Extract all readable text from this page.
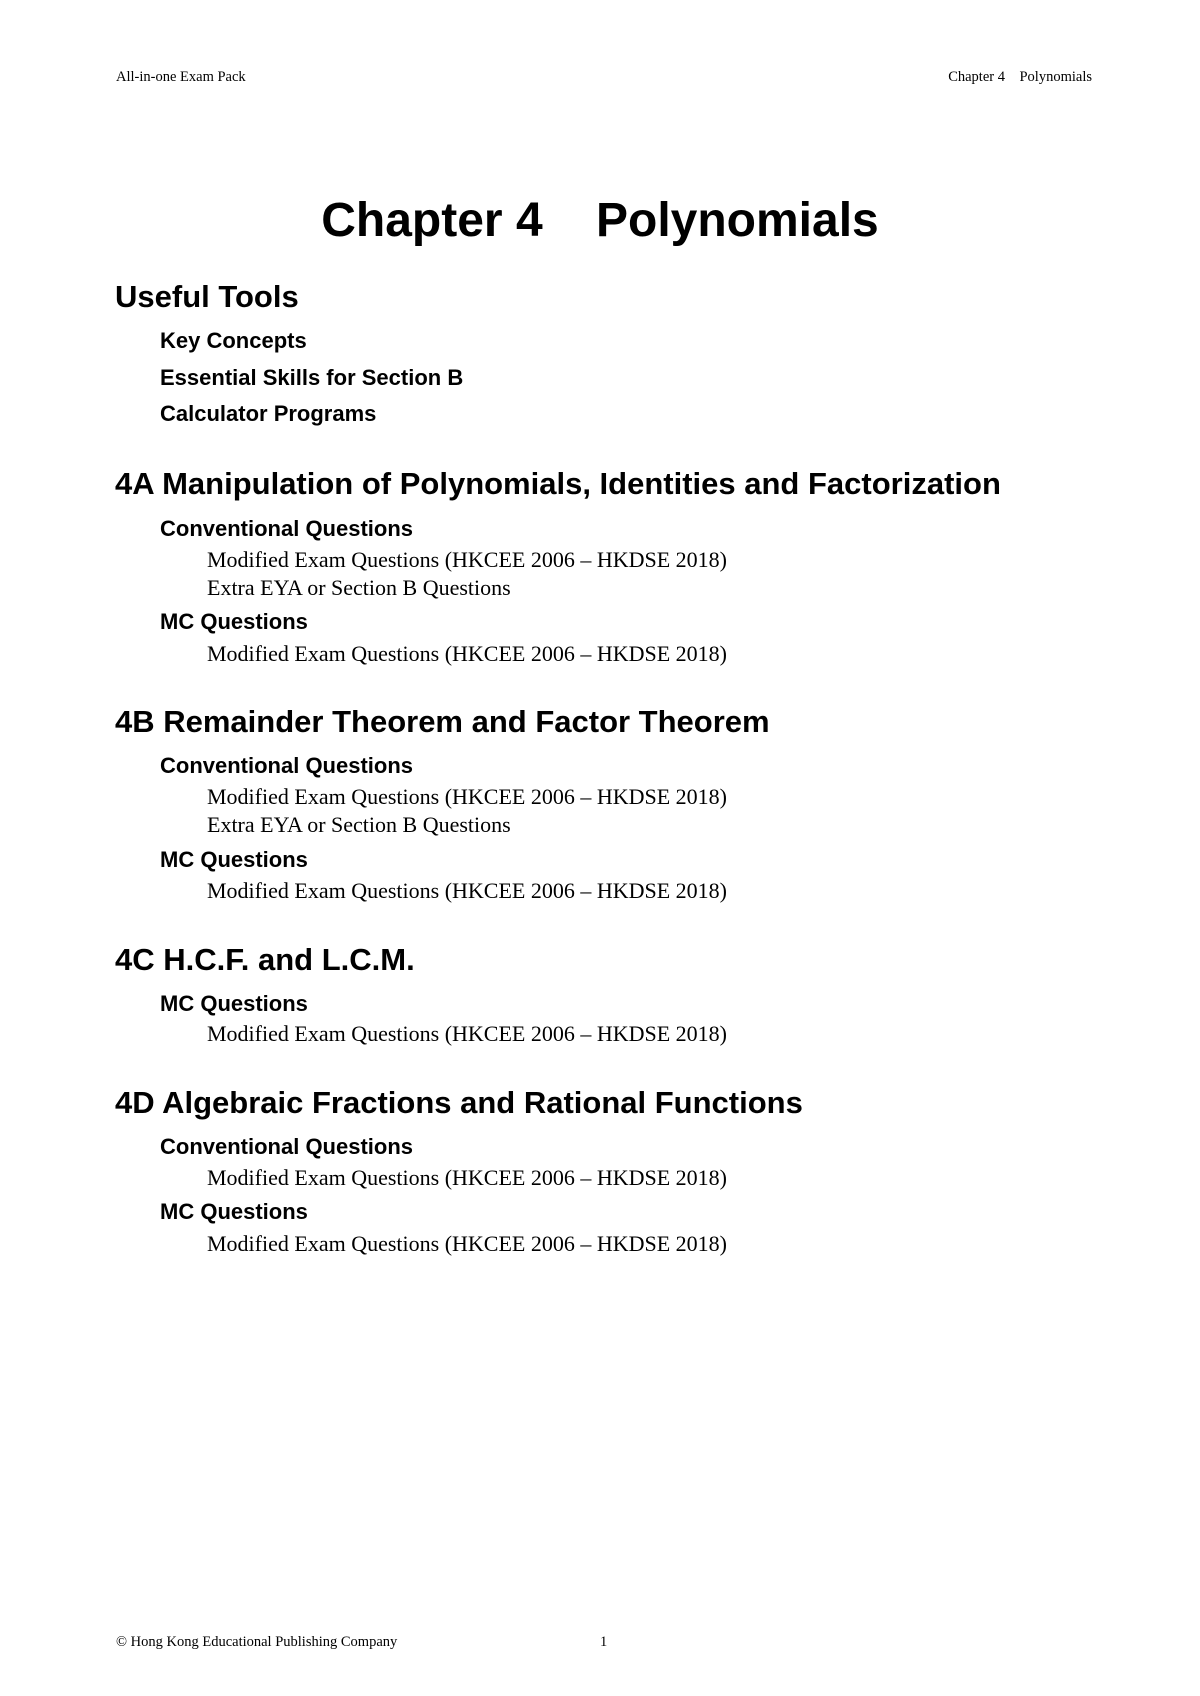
All-in-one Exam Pack	Chapter 4    Polynomials
Chapter 4    Polynomials
Useful Tools
Key Concepts
Essential Skills for Section B
Calculator Programs
4A Manipulation of Polynomials, Identities and Factorization
Conventional Questions
Modified Exam Questions (HKCEE 2006 – HKDSE 2018)
Extra EYA or Section B Questions
MC Questions
Modified Exam Questions (HKCEE 2006 – HKDSE 2018)
4B Remainder Theorem and Factor Theorem
Conventional Questions
Modified Exam Questions (HKCEE 2006 – HKDSE 2018)
Extra EYA or Section B Questions
MC Questions
Modified Exam Questions (HKCEE 2006 – HKDSE 2018)
4C H.C.F. and L.C.M.
MC Questions
Modified Exam Questions (HKCEE 2006 – HKDSE 2018)
4D Algebraic Fractions and Rational Functions
Conventional Questions
Modified Exam Questions (HKCEE 2006 – HKDSE 2018)
MC Questions
Modified Exam Questions (HKCEE 2006 – HKDSE 2018)
© Hong Kong Educational Publishing Company	1
